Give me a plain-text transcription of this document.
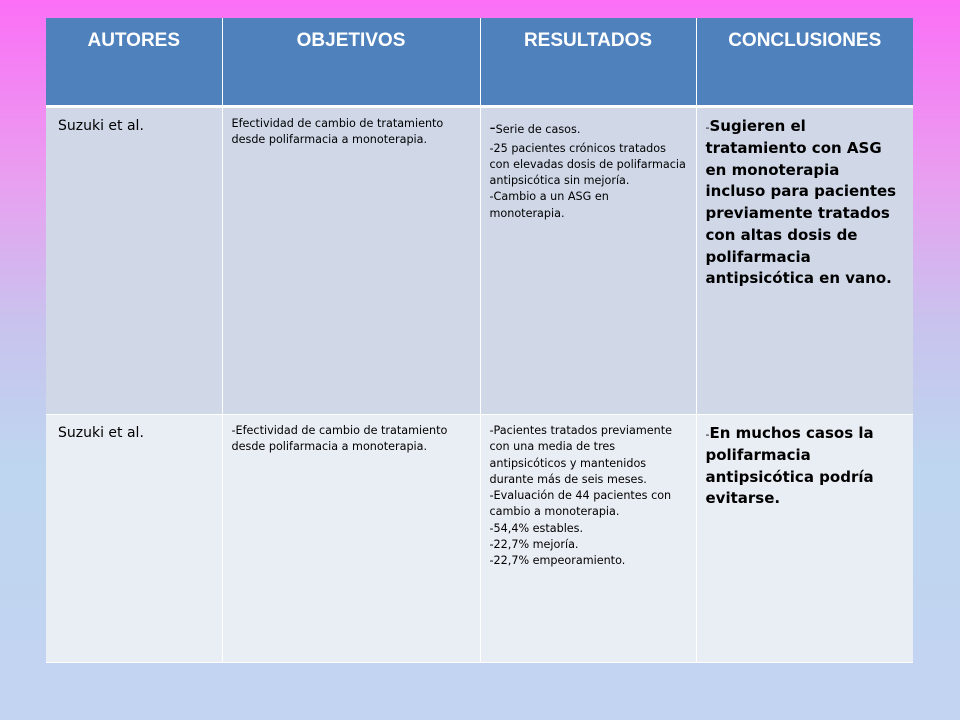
AUTORES	OBJETIVOS	RESULTADOS	CONCLUSIONES
Suzuki et al.	Efectividad de cambio de tratamiento desde polifarmacia a monoterapia.	-Serie de casos.

-25 pacientes crónicos tratados con elevadas dosis de polifarmacia antipsicótica sin mejoría.

-Cambio a un ASG en monoterapia.	-Sugieren el tratamiento con ASG en monoterapia incluso para pacientes previamente tratados con altas dosis de polifarmacia antipsicótica en vano.

Suzuki et al.	-Efectividad de cambio de tratamiento desde polifarmacia a monoterapia.	-Pacientes tratados previamente con una media de tres antipsicóticos y mantenidos durante más de seis meses.

-Evaluación de 44 pacientes con cambio a monoterapia.

-54,4% estables.

-22,7% mejoría.

-22,7% empeoramiento.	-En muchos casos la polifarmacia antipsicótica podría evitarse.
